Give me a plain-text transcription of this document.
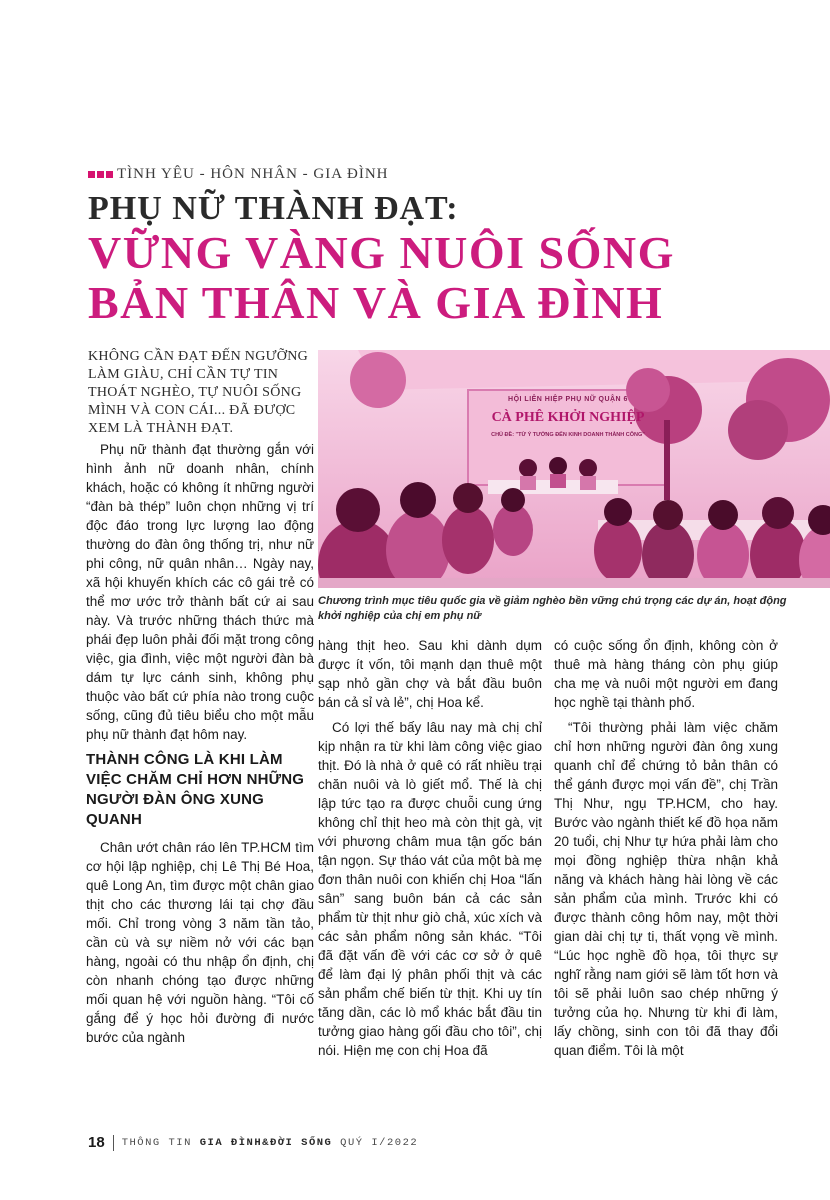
TÌNH YÊU - HÔN NHÂN - GIA ĐÌNH
PHỤ NỮ THÀNH ĐẠT:
VỮNG VÀNG NUÔI SỐNG
BẢN THÂN VÀ GIA ĐÌNH
KHÔNG CẦN ĐẠT ĐẾN NGƯỠNG LÀM GIÀU, CHỈ CẦN TỰ TIN THOÁT NGHÈO, TỰ NUÔI SỐNG MÌNH VÀ CON CÁI... ĐÃ ĐƯỢC XEM LÀ THÀNH ĐẠT.
HỘI LIÊN HIỆP PHỤ NỮ QUẬN 6
CÀ PHÊ KHỞI NGHIỆP
CHỦ ĐỀ: "TỪ Ý TƯỞNG ĐẾN KINH DOANH THÀNH CÔNG"
Chương trình mục tiêu quốc gia về giảm nghèo bền vững chú trọng các dự án, hoạt động khởi nghiệp của chị em phụ nữ

Phụ nữ thành đạt thường gắn với hình ảnh nữ doanh nhân, chính khách, hoặc có không ít những người “đàn bà thép” luôn chọn những vị trí độc đáo trong lực lượng lao động thường do đàn ông thống trị, như nữ phi công, nữ quân nhân… Ngày nay, xã hội khuyến khích các cô gái trẻ có thể mơ ước trở thành bất cứ ai sau này. Và trước những thách thức mà phái đẹp luôn phải đối mặt trong công việc, gia đình, việc một người đàn bà dám tự lực cánh sinh, không phụ thuộc vào bất cứ phía nào trong cuộc sống, cũng đủ tiêu biểu cho một mẫu phụ nữ thành đạt hôm nay.

THÀNH CÔNG LÀ KHI LÀM VIỆC CHĂM CHỈ HƠN NHỮNG NGƯỜI ĐÀN ÔNG XUNG QUANH

Chân ướt chân ráo lên TP.HCM tìm cơ hội lập nghiệp, chị Lê Thị Bé Hoa, quê Long An, tìm được một chân giao thịt cho các thương lái tại chợ đầu mối. Chỉ trong vòng 3 năm tần tảo, cần cù và sự niềm nở với các bạn hàng, ngoài có thu nhập ổn định, chị còn nhanh chóng tạo được những mối quan hệ với nguồn hàng. “Tôi cố gắng để ý học hỏi đường đi nước bước của ngành

hàng thịt heo. Sau khi dành dụm được ít vốn, tôi mạnh dạn thuê một sạp nhỏ gần chợ và bắt đầu buôn bán cả sỉ và lẻ”, chị Hoa kể.

Có lợi thế bấy lâu nay mà chị chỉ kịp nhận ra từ khi làm công việc giao thịt. Đó là nhà ở quê có rất nhiều trại chăn nuôi và lò giết mổ. Thế là chị lập tức tạo ra được chuỗi cung ứng không chỉ thịt heo mà còn thịt gà, vịt với phương châm mua tận gốc bán tận ngọn. Sự tháo vát của một bà mẹ đơn thân nuôi con khiến chị Hoa “lấn sân” sang buôn bán cả các sản phẩm từ thịt như giò chả, xúc xích và các sản phẩm nông sản khác. “Tôi đã đặt vấn đề với các cơ sở ở quê để làm đại lý phân phối thịt và các sản phẩm chế biến từ thịt. Khi uy tín tăng dần, các lò mổ khác bắt đầu tin tưởng giao hàng gối đầu cho tôi”, chị nói. Hiện mẹ con chị Hoa đã

có cuộc sống ổn định, không còn ở thuê mà hàng tháng còn phụ giúp cha mẹ và nuôi một người em đang học nghề tại thành phố.

“Tôi thường phải làm việc chăm chỉ hơn những người đàn ông xung quanh chỉ để chứng tỏ bản thân có thể gánh được mọi vấn đề”, chị Trần Thị Như, ngụ TP.HCM, cho hay. Bước vào ngành thiết kế đồ họa năm 20 tuổi, chị Như tự hứa phải làm cho mọi đồng nghiệp thừa nhận khả năng và khách hàng hài lòng về các sản phẩm của mình. Trước khi có được thành công hôm nay, một thời gian dài chị tự ti, thất vọng về mình. “Lúc học nghề đồ họa, tôi thực sự nghĩ rằng nam giới sẽ làm tốt hơn và tôi sẽ phải luôn sao chép những ý tưởng của họ. Nhưng từ khi đi làm, lấy chồng, sinh con tôi đã thay đổi quan điểm. Tôi là một

18 THÔNG TIN GIA ĐÌNH&ĐỜI SỐNG QUÝ I/2022
